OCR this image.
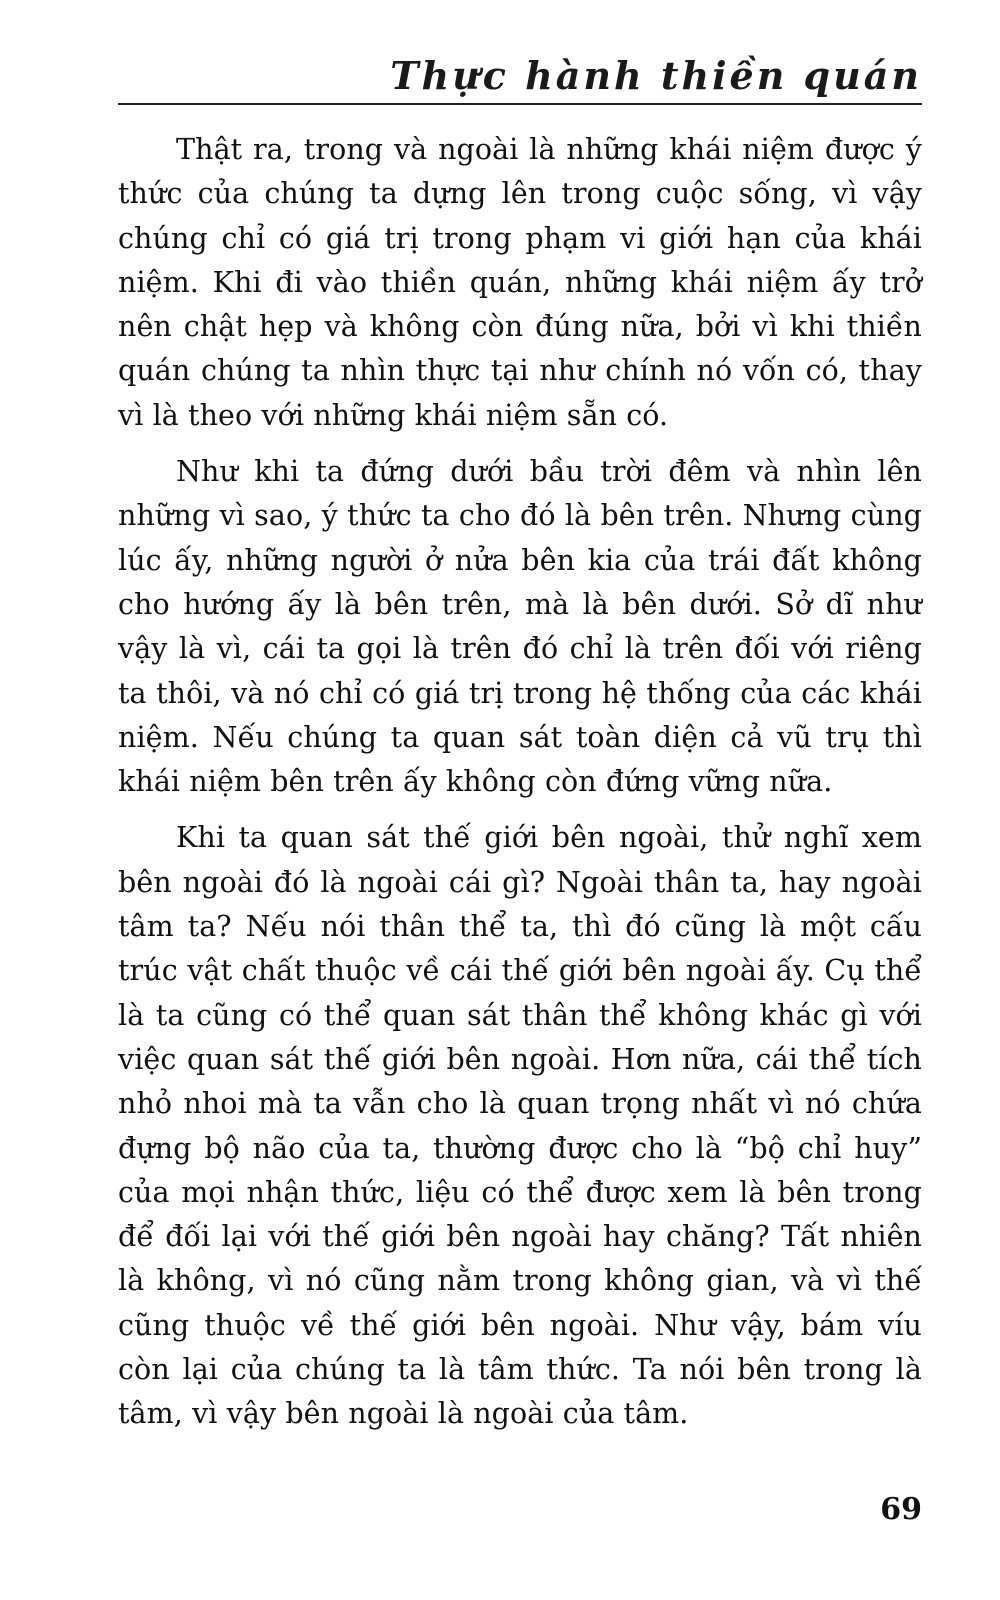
Thực hành thiền quán

Thật ra, trong và ngoài là những khái niệm được ý thức của chúng ta dựng lên trong cuộc sống, vì vậy chúng chỉ có giá trị trong phạm vi giới hạn của khái niệm. Khi đi vào thiền quán, những khái niệm ấy trở nên chật hẹp và không còn đúng nữa, bởi vì khi thiền quán chúng ta nhìn thực tại như chính nó vốn có, thay vì là theo với những khái niệm sẵn có.

Như khi ta đứng dưới bầu trời đêm và nhìn lên những vì sao, ý thức ta cho đó là bên trên. Nhưng cùng lúc ấy, những người ở nửa bên kia của trái đất không cho hướng ấy là bên trên, mà là bên dưới. Sở dĩ như vậy là vì, cái ta gọi là trên đó chỉ là trên đối với riêng ta thôi, và nó chỉ có giá trị trong hệ thống của các khái niệm. Nếu chúng ta quan sát toàn diện cả vũ trụ thì khái niệm bên trên ấy không còn đứng vững nữa.

Khi ta quan sát thế giới bên ngoài, thử nghĩ xem bên ngoài đó là ngoài cái gì? Ngoài thân ta, hay ngoài tâm ta? Nếu nói thân thể ta, thì đó cũng là một cấu trúc vật chất thuộc về cái thế giới bên ngoài ấy. Cụ thể là ta cũng có thể quan sát thân thể không khác gì với việc quan sát thế giới bên ngoài. Hơn nữa, cái thể tích nhỏ nhoi mà ta vẫn cho là quan trọng nhất vì nó chứa đựng bộ não của ta, thường được cho là “bộ chỉ huy” của mọi nhận thức, liệu có thể được xem là bên trong để đối lại với thế giới bên ngoài hay chăng? Tất nhiên là không, vì nó cũng nằm trong không gian, và vì thế cũng thuộc về thế giới bên ngoài. Như vậy, bám víu còn lại của chúng ta là tâm thức. Ta nói bên trong là tâm, vì vậy bên ngoài là ngoài của tâm.

69
